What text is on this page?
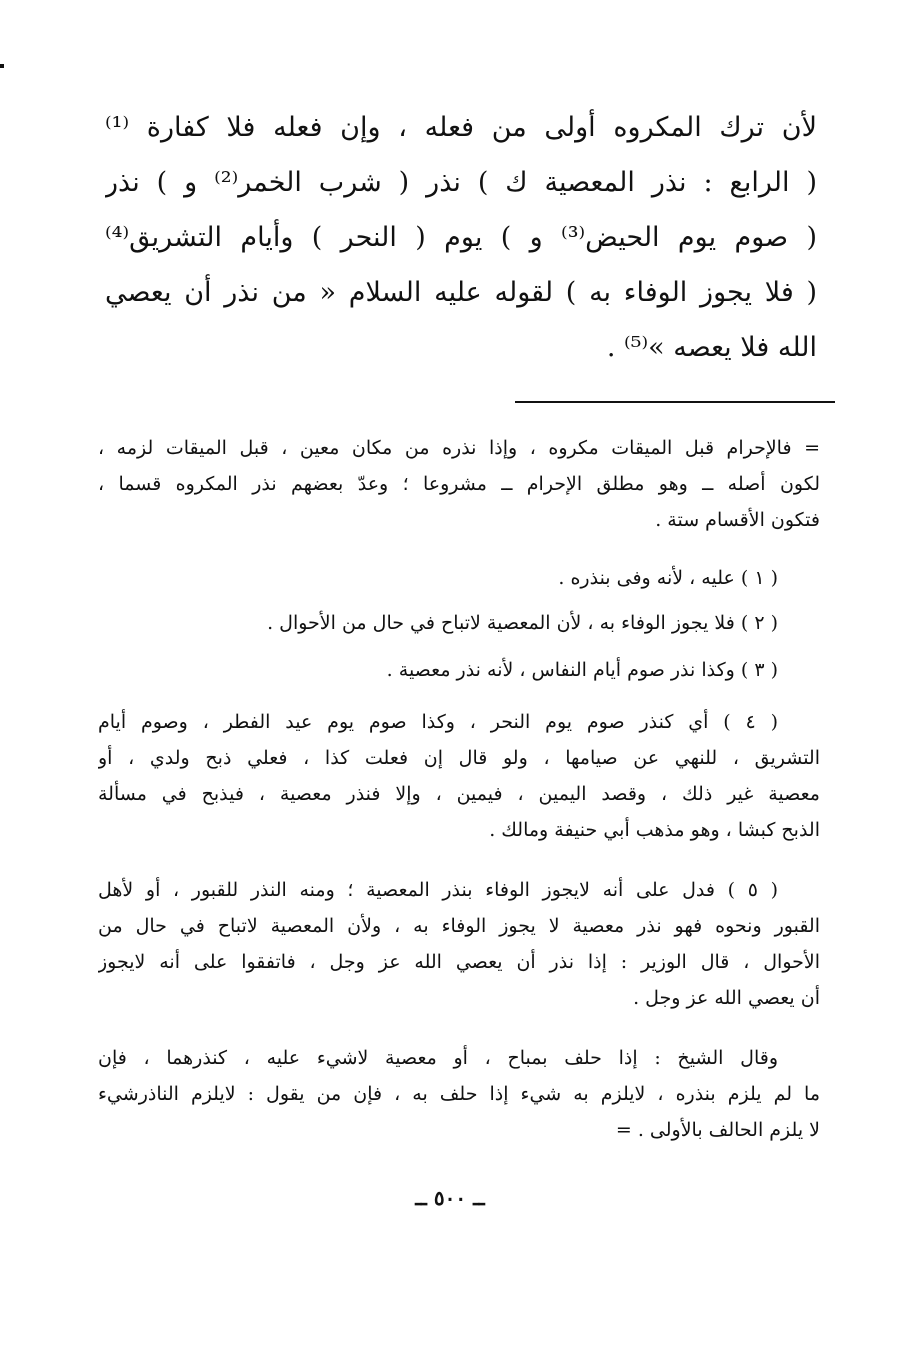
لأن ترك المكروه أولى من فعله ، وإن فعله فلا كفارة ⁽¹⁾
( الرابع : نذر المعصية ك ) نذر ( شرب الخمر⁽²⁾ و ) نذر
( صوم يوم الحيض⁽³⁾ و ) يوم ( النحر ) وأيام التشريق⁽⁴⁾
( فلا يجوز الوفاء به ) لقوله عليه السلام « من نذر أن يعصي
الله فلا يعصه »⁽⁵⁾ .
= فالإحرام قبل الميقات مكروه ، وإذا نذره من مكان معين ، قبل الميقات لزمه ،
لكون أصله ــ وهو مطلق الإحرام ــ مشروعا ؛ وعدّ بعضهم نذر المكروه قسما ،
فتكون الأقسام ستة .
( ١ ) عليه ، لأنه وفى بنذره .
( ٢ ) فلا يجوز الوفاء به ، لأن المعصية لاتباح في حال من الأحوال .
( ٣ ) وكذا نذر صوم أيام النفاس ، لأنه نذر معصية .
( ٤ ) أي كنذر صوم يوم النحر ، وكذا صوم يوم عيد الفطر ، وصوم أيام
التشريق ، للنهي عن صيامها ، ولو قال إن فعلت كذا ، فعلي ذبح ولدي ، أو
معصية غير ذلك ، وقصد اليمين ، فيمين ، وإلا فنذر معصية ، فيذبح في مسألة
الذبح كبشا ، وهو مذهب أبي حنيفة ومالك .
( ٥ ) فدل على أنه لايجوز الوفاء بنذر المعصية ؛ ومنه النذر للقبور ، أو لأهل
القبور ونحوه فهو نذر معصية لا يجوز الوفاء به ، ولأن المعصية لاتباح في حال من
الأحوال ، قال الوزير : إذا نذر أن يعصي الله عز وجل ، فاتفقوا على أنه لايجوز
أن يعصي الله عز وجل .
وقال الشيخ : إذا حلف بمباح ، أو معصية لاشيء عليه ، كنذرهما ، فإن
ما لم يلزم بنذره ، لايلزم به شيء إذا حلف به ، فإن من يقول : لايلزم الناذرشيء
لا يلزم الحالف بالأولى . =
ــ ٥٠٠ ــ
